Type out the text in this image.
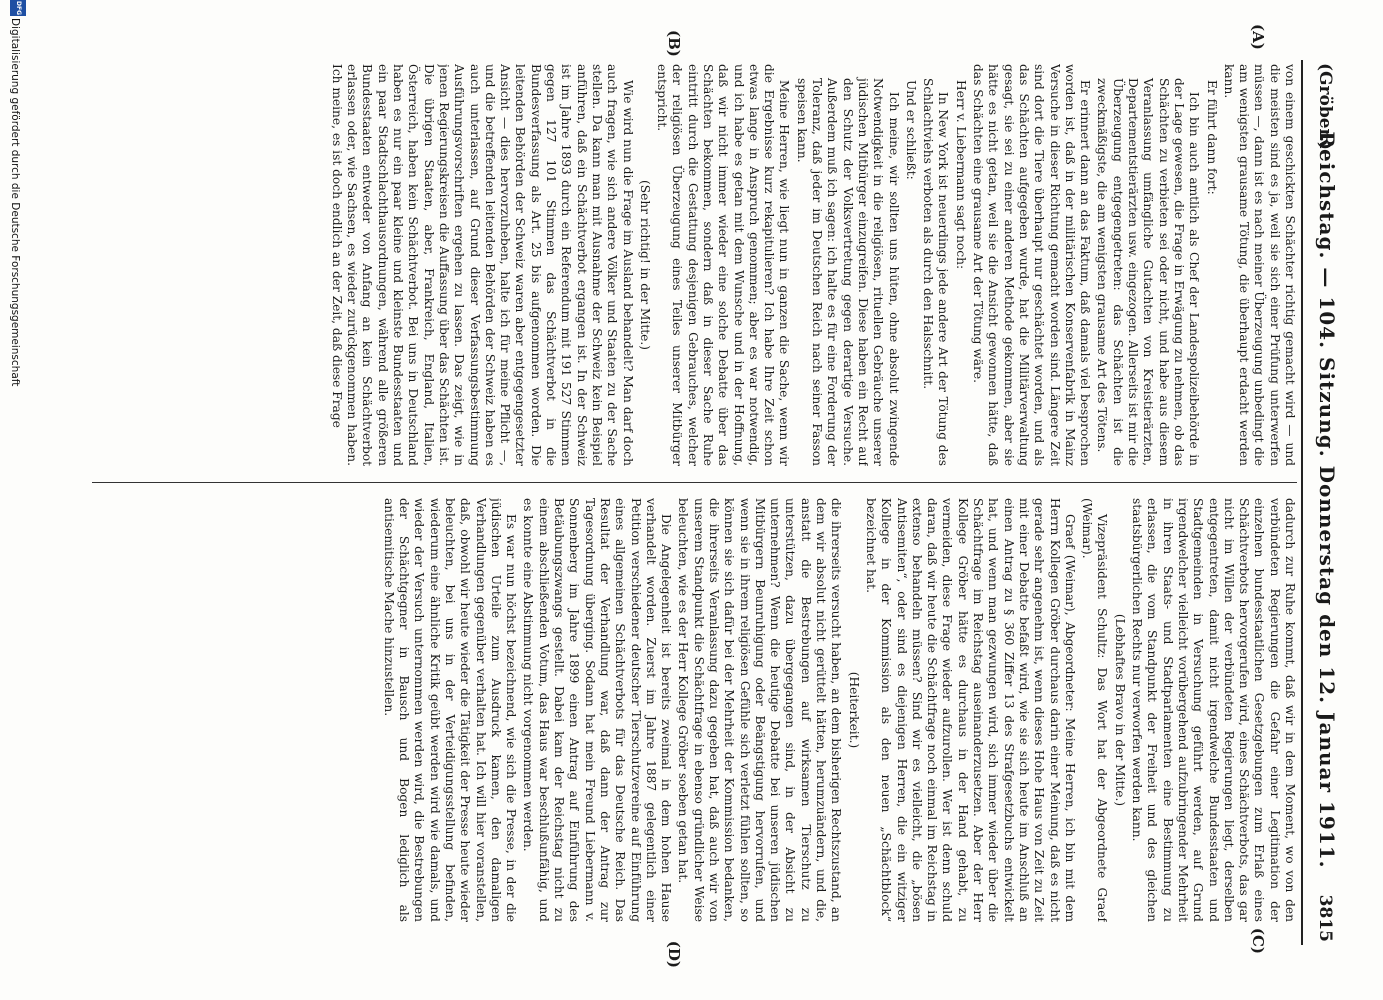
(Gröber.)
Reichstag. — 104. Sitzung. Donnerstag den 12. Januar 1911.
3815
(A)
(B)
(C)
(D)

von einem geschickten Schächter richtig gemacht wird — und die meisten sind es ja, weil sie sich einer Prüfung unterwerfen müssen —, dann ist es nach meiner Überzeugung unbedingt die am wenigsten grausame Tötung, die überhaupt erdacht werden kann.

Er führt dann fort:

Ich bin auch amtlich als Chef der Landespolizeibehörde in der Lage gewesen, die Frage in Erwägung zu nehmen, ob das Schächten zu verbieten sei oder nicht, und habe aus diesem Veranlassung umfängliche Gutachten von Kreistierärzten, Departementstierärzten usw. eingezogen. Allerseits ist mir die Überzeugung entgegengetreten: das Schächten ist die zweckmäßigste, die am wenigsten grausame Art des Tötens.

Er erinnert dann an das Faktum, daß damals viel besprochen worden ist, daß in der militärischen Konservenfabrik in Mainz Versuche in dieser Richtung gemacht worden sind. Längere Zeit sind dort die Tiere überhaupt nur geschächtet worden, und als das Schächten aufgegeben wurde, hat die Militärverwaltung gesagt, sie sei zu einer anderen Methode gekommen, aber sie hätte es nicht getan, weil sie die Ansicht gewonnen hätte, daß das Schächten eine grausame Art der Tötung wäre.

Herr v. Liebermann sagt noch:

In New York ist neuerdings jede andere Art der Tötung des Schlachtviehs verboten als durch den Halsschnitt.

Und er schließt:

Ich meine, wir sollten uns hüten, ohne absolut zwingende Notwendigkeit in die religiösen, rituellen Gebräuche unserer jüdischen Mitbürger einzugreifen. Diese haben ein Recht auf den Schutz der Volksvertretung gegen derartige Versuche. Außerdem muß ich sagen: ich halte es für eine Forderung der Toleranz, daß jeder im Deutschen Reich nach seiner Fasson speisen kann.

Meine Herren, wie liegt nun in ganzen die Sache, wenn wir die Ergebnisse kurz rekapitulieren? Ich habe Ihre Zeit schon etwas lange in Anspruch genommen; aber es war notwendig, und ich habe es getan mit dem Wunsche und in der Hoffnung, daß wir nicht immer wieder eine solche Debatte über das Schächten bekommen, sondern daß in dieser Sache Ruhe eintritt durch die Gestattung desjenigen Gebrauches, welcher der religiösen Überzeugung eines Teiles unserer Mitbürger entspricht.

(Sehr richtig! in der Mitte.)

Wie wird nun die Frage im Ausland behandelt? Man darf doch auch fragen, wie sich andere Völker und Staaten zu der Sache stellen. Da kann man mit Ausnahme der Schweiz kein Beispiel anführen, daß ein Schächtverbot ergangen ist. In der Schweiz ist im Jahre 1893 durch ein Referendum mit 191 527 Stimmen gegen 127 101 Stimmen das Schächtverbot in die Bundesverfassung als Art. 25 bis aufgenommen worden. Die leitenden Behörden der Schweiz waren aber entgegengesetzter Ansicht — dies hervorzuheben, halte ich für meine Pflicht —, und die betreffenden leitenden Behörden der Schweiz haben es auch unterlassen, auf Grund dieser Verfassungsbestimmung Ausführungsvorschriften ergehen zu lassen. Das zeigt, wie in jenen Regierungskreisen die Auffassung über das Schächten ist. Die übrigen Staaten, aber, Frankreich, England, Italien, Österreich, haben kein Schächtverbot. Bei uns in Deutschland haben es nur ein paar kleine und kleinste Bundesstaaten und ein paar Stadtschlachthausordnungen, während alle größeren Bundesstaaten entweder von Anfang an kein Schächtverbot erlassen oder, wie Sachsen, es wieder zurückgenommen haben. Ich meine, es ist doch endlich an der Zeit, daß diese Frage

dadurch zur Ruhe kommt, daß wir in dem Moment, wo von den verbündeten Regierungen die Gefahr einer Legitimation der einzelnen bundesstaatlichen Gesetzgebungen zum Erlaß eines Schächtverbots hervorgerufen wird, eines Schächtverbots, das gar nicht im Willen der verbündeten Regierungen liegt, derselben entgegentreten, damit nicht irgendwelche Bundesstaaten und Stadtgemeinden in Versuchung geführt werden, auf Grund irgendwelcher vielleicht vorübergehend aufzubringender Mehrheit in ihren Staats- und Stadtparlamenten eine Bestimmung zu erlassen, die vom Standpunkt der Freiheit und des gleichen staatsbürgerlichen Rechts nur verworfen werden kann.

(Lebhaftes Bravo in der Mitte.)

Vizepräsident Schultz: Das Wort hat der Abgeordnete Graef (Weimar).

Graef (Weimar), Abgeordneter: Meine Herren, ich bin mit dem Herrn Kollegen Gröber durchaus darin einer Meinung, daß es nicht gerade sehr angenehm ist, wenn dieses Hohe Haus von Zeit zu Zeit mit einer Debatte befaßt wird, wie sie sich heute im Anschluß an einen Antrag zu § 360 Ziffer 13 des Strafgesetzbuchs entwickelt hat, und wenn man gezwungen wird, sich immer wieder über die Schächtfrage im Reichstag auseinanderzusetzen. Aber der Herr Kollege Gröber hätte es durchaus in der Hand gehabt, zu vermeiden, diese Frage wieder aufzurollen. Wer ist denn schuld daran, daß wir heute die Schächtfrage noch einmal im Reichstag in extenso behandeln müssen? Sind wir es vielleicht, die „bösen Antisemiten“, oder sind es diejenigen Herren, die ein witziger Kollege in der Kommission als den neuen „Schächtblock“ bezeichnet hat.

(Heiterkeit.)

die ihrerseits versucht haben, an dem bisherigen Rechtszustand, an dem wir absolut nicht gerüttelt hätten, herumzuändern, und die, anstatt die Bestrebungen auf wirksamen Tierschutz zu unterstützen, dazu übergegangen sind, in der Absicht zu unternehmen? Wenn die heutige Debatte bei unseren jüdischen Mitbürgern Beunruhigung oder Beängstigung hervorrufen, und wenn sie in ihrem religiösen Gefühle sich verletzt fühlen sollten, so können sie sich dafür bei der Mehrheit der Kommission bedanken, die ihrerseits Veranlassung dazu gegeben hat, daß auch wir von unserem Standpunkt die Schächtfrage in ebenso gründlicher Weise beleuchten, wie es der Herr Kollege Gröber soeben getan hat.

Die Angelegenheit ist bereits zweimal in dem hohen Hause verhandelt worden. Zuerst im Jahre 1887 gelegentlich einer Petition verschiedener deutscher Tierschutzvereine auf Einführung eines allgemeinen Schächtverbots für das Deutsche Reich. Das Resultat der Verhandlung war, daß dann der Antrag zur Tagesordnung überging. Sodann hat mein Freund Liebermann v. Sonnenberg im Jahre 1899 einen Antrag auf Einführung des Betäubungszwangs gestellt. Dabei kam der Reichstag nicht zu einem abschließenden Votum, das Haus war beschlußunfähig, und es konnte eine Abstimmung nicht vorgenommen werden.

Es war nun höchst bezeichnend, wie sich die Presse, in der die jüdischen Urteile zum Ausdruck kamen, den damaligen Verhandlungen gegenüber verhalten hat. Ich will hier voranstellen, daß, obwohl wir heute wieder die Tätigkeit der Presse heute wieder beleuchten, bei uns in der Verteidigungsstellung befinden, wiederum eine ähnliche Kritik geübt werden wird wie damals, und wieder der Versuch unternommen werden wird, die Bestrebungen der Schächtgegner in Bausch und Bogen lediglich als antisemitische Mache hinzustellen.

DFG
Digitalisierung gefördert durch die Deutsche Forschungsgemeinschaft
